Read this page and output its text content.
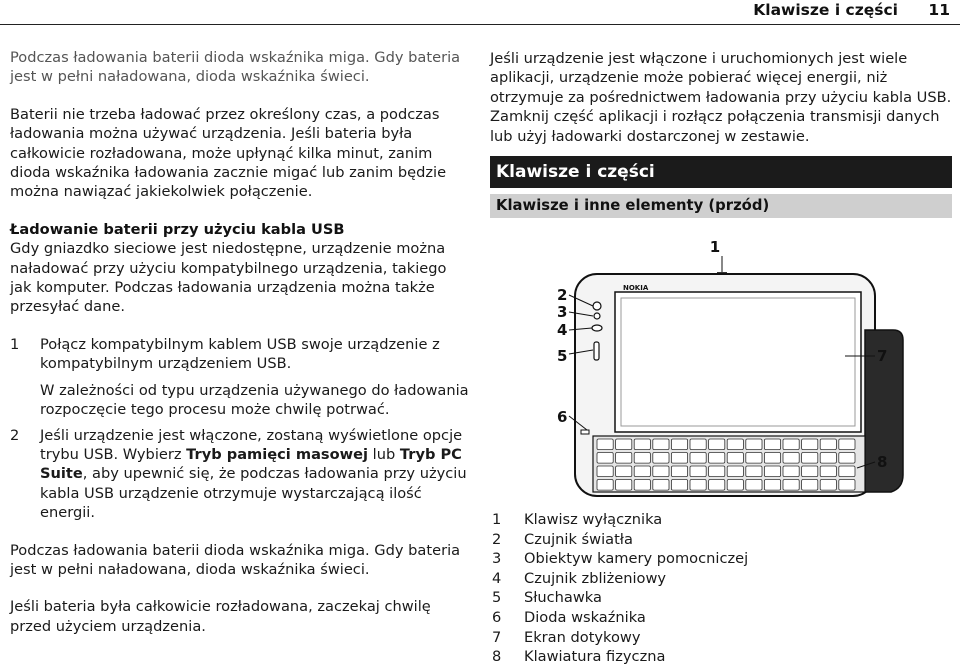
Klawisze i części 11

Podczas ładowania baterii dioda wskaźnika miga. Gdy bateria jest w pełni naładowana, dioda wskaźnika świeci.

Baterii nie trzeba ładować przez określony czas, a podczas ładowania można używać urządzenia. Jeśli bateria była całkowicie rozładowana, może upłynąć kilka minut, zanim dioda wskaźnika ładowania zacznie migać lub zanim będzie można nawiązać jakiekolwiek połączenie.

Ładowanie baterii przy użyciu kabla USB

Gdy gniazdko sieciowe jest niedostępne, urządzenie można naładować przy użyciu kompatybilnego urządzenia, takiego jak komputer. Podczas ładowania urządzenia można także przesyłać dane.

1 Połącz kompatybilnym kablem USB swoje urządzenie z kompatybilnym urządzeniem USB.

W zależności od typu urządzenia używanego do ładowania rozpoczęcie tego procesu może chwilę potrwać.

2 Jeśli urządzenie jest włączone, zostaną wyświetlone opcje trybu USB. Wybierz Tryb pamięci masowej lub Tryb PC Suite, aby upewnić się, że podczas ładowania przy użyciu kabla USB urządzenie otrzymuje wystarczającą ilość energii.

Podczas ładowania baterii dioda wskaźnika miga. Gdy bateria jest w pełni naładowana, dioda wskaźnika świeci.

Jeśli bateria była całkowicie rozładowana, zaczekaj chwilę przed użyciem urządzenia.

Jeśli urządzenie jest włączone i uruchomionych jest wiele aplikacji, urządzenie może pobierać więcej energii, niż otrzymuje za pośrednictwem ładowania przy użyciu kabla USB. Zamknij część aplikacji i rozłącz połączenia transmisji danych lub użyj ładowarki dostarczonej w zestawie.

Klawisze i części
Klawisze i inne elementy (przód)
1
NOKIA
2
3
4
5
6
7
8
1 Klawisz wyłącznika
2 Czujnik światła
3 Obiektyw kamery pomocniczej
4 Czujnik zbliżeniowy
5 Słuchawka
6 Dioda wskaźnika
7 Ekran dotykowy
8 Klawiatura fizyczna
